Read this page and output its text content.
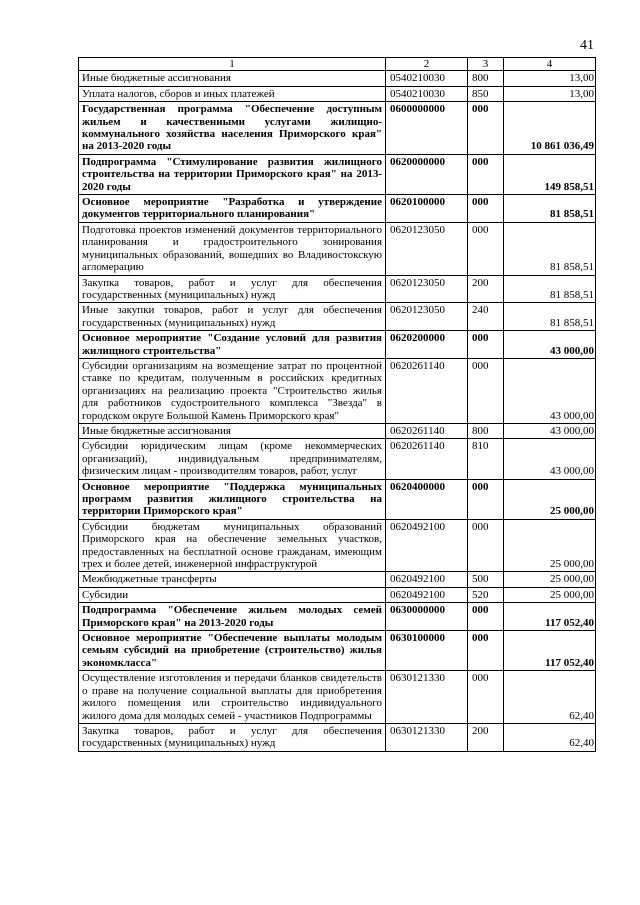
41
1	2	3	4
Иные бюджетные ассигнования	0540210030	800	13,00
Уплата налогов, сборов и иных платежей	0540210030	850	13,00
Государственная программа "Обеспечение доступным жильем и качественными услугами жилищно-коммунального хозяйства населения Приморского края" на 2013-2020 годы	0600000000	000	10 861 036,49
Подпрограмма "Стимулирование развития жилищного строительства на территории Приморского края" на 2013-2020 годы	0620000000	000	149 858,51
Основное мероприятие "Разработка и утверждение документов территориального планирования"	0620100000	000	81 858,51
Подготовка проектов изменений документов территориального планирования и градостроительного зонирования муниципальных образований, вошедших во Владивостокскую агломерацию	0620123050	000	81 858,51
Закупка товаров, работ и услуг для обеспечения государственных (муниципальных) нужд	0620123050	200	81 858,51
Иные закупки товаров, работ и услуг для обеспечения государственных (муниципальных) нужд	0620123050	240	81 858,51
Основное мероприятие "Создание условий для развития жилищного строительства"	0620200000	000	43 000,00
Субсидии организациям на возмещение затрат по процентной ставке по кредитам, полученным в российских кредитных организациях на реализацию проекта "Строительство жилья для работников судостроительного комплекса "Звезда" в городском округе Большой Камень Приморского края"	0620261140	000	43 000,00
Иные бюджетные ассигнования	0620261140	800	43 000,00
Субсидии юридическим лицам (кроме некоммерческих организаций), индивидуальным предпринимателям, физическим лицам - производителям товаров, работ, услуг	0620261140	810	43 000,00
Основное мероприятие "Поддержка муниципальных программ развития жилищного строительства на территории Приморского края"	0620400000	000	25 000,00
Субсидии бюджетам муниципальных образований Приморского края на обеспечение земельных участков, предоставленных на бесплатной основе гражданам, имеющим трех и более детей, инженерной инфраструктурой	0620492100	000	25 000,00
Межбюджетные трансферты	0620492100	500	25 000,00
Субсидии	0620492100	520	25 000,00
Подпрограмма "Обеспечение жильем молодых семей Приморского края" на 2013-2020 годы	0630000000	000	117 052,40
Основное мероприятие "Обеспечение выплаты молодым семьям субсидий на приобретение (строительство) жилья экономкласса"	0630100000	000	117 052,40
Осуществление изготовления и передачи бланков свидетельств о праве на получение социальной выплаты для приобретения жилого помещения или строительство индивидуального жилого дома для молодых семей - участников Подпрограммы	0630121330	000	62,40
Закупка товаров, работ и услуг для обеспечения государственных (муниципальных) нужд	0630121330	200	62,40
